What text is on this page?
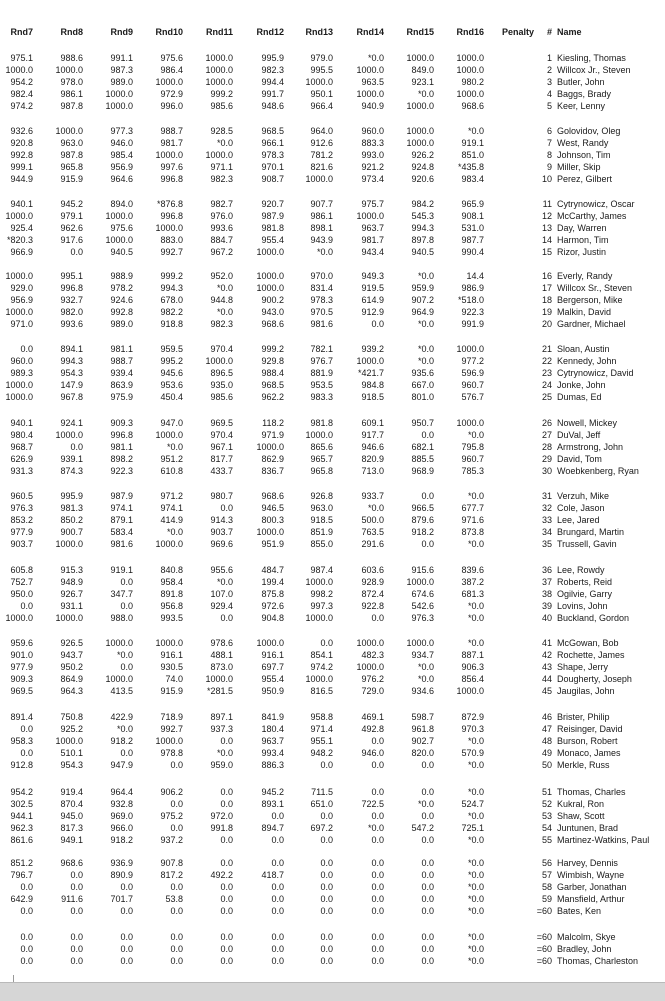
Rnd7	Rnd8	Rnd9 Rnd10	Rnd11	Rnd12 Rnd13	Rnd14 Rnd15 Rnd16	Penalty	# Name
975.1	988.6	991.1	975.6 1000.0	995.9	979.0	*0.0 1000.0 1000.0	1 Kiesling, Thomas
1000.0 1000.0	987.3	986.4 1000.0	982.3	995.5	1000.0	849.0 1000.0	2 Willcox Jr., Steven
954.2	978.0	989.0 1000.0 1000.0	994.4 1000.0	963.5	923.1	980.2	3 Butler, John
982.4	986.1 1000.0	972.9	999.2	991.7	950.1	1000.0	*0.0 1000.0	4 Baggs, Brady
974.2	987.8 1000.0	996.0	985.6	948.6	966.4	940.9 1000.0	968.6	5 Keer, Lenny
932.6 1000.0	977.3	988.7	928.5	968.5	964.0	960.0 1000.0	*0.0	6 Golovidov, Oleg
920.8	963.0	946.0	981.7	*0.0	966.1	912.6	883.3 1000.0	919.1	7 West, Randy
992.8	987.8	985.4 1000.0 1000.0	978.3	781.2	993.0	926.2	851.0	8 Johnson, Tim
999.1	965.8	956.9	997.6	971.1	970.1	821.6	921.2	924.8	*435.8	9 Miller, Skip
944.9	915.9	964.6	996.8	982.3	908.7 1000.0	973.4	920.6	983.4	10 Perez, Gilbert
940.1	945.2	894.0	*876.8	982.7	920.7	907.7	975.7	984.2	965.9	11 Cytrynowicz, Oscar
1000.0	979.1 1000.0	996.8	976.0	987.9	986.1	1000.0	545.3	908.1	12 McCarthy, James
925.4	962.6	975.6 1000.0	993.6	981.8	898.1	963.7	994.3	531.0	13 Day, Warren
*820.3	917.6 1000.0	883.0	884.7	955.4	943.9	981.7	897.8	987.7	14 Harmon, Tim
966.9	0.0	940.5	992.7	967.2	1000.0	*0.0	943.4	940.5	990.4	15 Rizor, Justin
1000.0	995.1	988.9	999.2	952.0	1000.0	970.0	949.3	*0.0	14.4	16 Everly, Randy
929.0	996.8	978.2	994.3	*0.0	1000.0	831.4	919.5	959.9	986.9	17 Willcox Sr., Steven
956.9	932.7	924.6	678.0	944.8	900.2	978.3	614.9	907.2	*518.0	18 Bergerson, Mike
1000.0	982.0	992.8	982.2	*0.0	943.0	970.5	912.9	964.9	922.3	19 Malkin, David
971.0	993.6	989.0	918.8	982.3	968.6	981.6	0.0	*0.0	991.9	20 Gardner, Michael
0.0	894.1	981.1	959.5	970.4	999.2	782.1	939.2	*0.0 1000.0	21 Sloan, Austin
960.0	994.3	988.7	995.2 1000.0	929.8	976.7	1000.0	*0.0	977.2	22 Kennedy, John
989.3	954.3	939.4	945.6	896.5	988.4	881.9	*421.7	935.6	596.9	23 Cytrynowicz, David
1000.0	147.9	863.9	953.6	935.0	968.5	953.5	984.8	667.0	960.7	24 Jonke, John
1000.0	967.8	975.9	450.4	985.6	962.2	983.3	918.5	801.0	576.7	25 Dumas, Ed
940.1	924.1	909.3	947.0	969.5	118.2	981.8	609.1	950.7 1000.0	26 Nowell, Mickey
980.4 1000.0	996.8 1000.0	970.4	971.9 1000.0	917.7	0.0	*0.0	27 DuVal, Jeff
968.7	0.0	981.1	*0.0	967.1	1000.0	865.6	946.6	682.1	795.8	28 Armstrong, John
626.9	939.1	898.2	951.2	817.7	862.9	965.7	820.9	885.5	960.7	29 David, Tom
931.3	874.3	922.3	610.8	433.7	836.7	965.8	713.0	968.9	785.3	30 Woebkenberg, Ryan
960.5	995.9	987.9	971.2	980.7	968.6	926.8	933.7	0.0	*0.0	31 Verzuh, Mike
976.3	981.3	974.1	974.1	0.0	946.5	963.0	*0.0	966.5	677.7	32 Cole, Jason
853.2	850.2	879.1	414.9	914.3	800.3	918.5	500.0	879.6	971.6	33 Lee, Jared
977.9	900.7	583.4	*0.0	903.7	1000.0	851.9	763.5	918.2	873.8	34 Brungard, Martin
903.7 1000.0	981.6 1000.0	969.6	951.9	855.0	291.6	0.0	*0.0	35 Trussell, Gavin
605.8	915.3	919.1	840.8	955.6	484.7	987.4	603.6	915.6	839.6	36 Lee, Rowdy
752.7	948.9	0.0	958.4	*0.0	199.4 1000.0	928.9 1000.0	387.2	37 Roberts, Reid
950.0	926.7	347.7	891.8	107.0	875.8	998.2	872.4	674.6	681.3	38 Ogilvie, Garry
0.0	931.1	0.0	956.8	929.4	972.6	997.3	922.8	542.6	*0.0	39 Lovins, John
1000.0 1000.0	988.0	993.5	0.0	904.8 1000.0	0.0	976.3	*0.0	40 Buckland, Gordon
959.6	926.5 1000.0 1000.0	978.6	1000.0	0.0	1000.0 1000.0	*0.0	41 McGowan, Bob
901.0	943.7	*0.0	916.1	488.1	916.1	854.1	482.3	934.7	887.1	42 Rochette, James
977.9	950.2	0.0	930.5	873.0	697.7	974.2	1000.0	*0.0	906.3	43 Shape, Jerry
909.3	864.9 1000.0	74.0 1000.0	955.4 1000.0	976.2	*0.0	856.4	44 Dougherty, Joseph
969.5	964.3	413.5	915.9	*281.5	950.9	816.5	729.0	934.6 1000.0	45 Jaugilas, John
891.4	750.8	422.9	718.9	897.1	841.9	958.8	469.1	598.7	872.9	46 Brister, Philip
0.0	925.2	*0.0	992.7	937.3	180.4	971.4	492.8	961.8	970.3	47 Reisinger, David
958.3 1000.0	918.2 1000.0	0.0	963.7	955.1	0.0	902.7	*0.0	48 Burson, Robert
0.0	510.1	0.0	978.8	*0.0	993.4	948.2	946.0	820.0	570.9	49 Monaco, James
912.8	954.3	947.9	0.0	959.0	886.3	0.0	0.0	0.0	*0.0	50 Merkle, Russ
954.2	919.4	964.4	906.2	0.0	945.2	711.5	0.0	0.0	*0.0	51 Thomas, Charles
302.5	870.4	932.8	0.0	0.0	893.1	651.0	722.5	*0.0	524.7	52 Kukral, Ron
944.1	945.0	969.0	975.2	972.0	0.0	0.0	0.0	0.0	*0.0	53 Shaw, Scott
962.3	817.3	966.0	0.0	991.8	894.7	697.2	*0.0	547.2	725.1	54 Juntunen, Brad
861.6	949.1	918.2	937.2	0.0	0.0	0.0	0.0	0.0	*0.0	55 Martinez-Watkins, Paul
851.2	968.6	936.9	907.8	0.0	0.0	0.0	0.0	0.0	*0.0	56 Harvey, Dennis
796.7	0.0	890.9	817.2	492.2	418.7	0.0	0.0	0.0	*0.0	57 Wimbish, Wayne
0.0	0.0	0.0	0.0	0.0	0.0	0.0	0.0	0.0	*0.0	58 Garber, Jonathan
642.9	911.6	701.7	53.8	0.0	0.0	0.0	0.0	0.0	*0.0	59 Mansfield, Arthur
0.0	0.0	0.0	0.0	0.0	0.0	0.0	0.0	0.0	*0.0	=60 Bates, Ken
0.0	0.0	0.0	0.0	0.0	0.0	0.0	0.0	0.0	*0.0	=60 Malcolm, Skye
0.0	0.0	0.0	0.0	0.0	0.0	0.0	0.0	0.0	*0.0	=60 Bradley, John
0.0	0.0	0.0	0.0	0.0	0.0	0.0	0.0	0.0	*0.0	=60 Thomas, Charleston
